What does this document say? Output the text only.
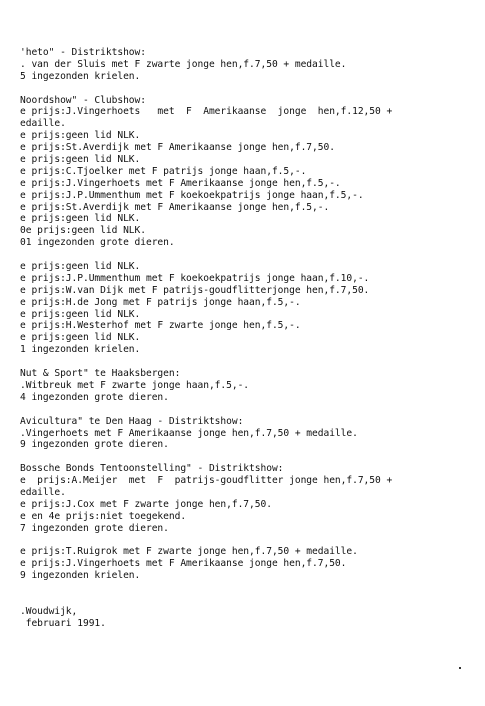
'heto" - Distriktshow:
. van der Sluis met F zwarte jonge hen,f.7,50 + medaille.
5 ingezonden krielen.
Noordshow" - Clubshow:
e prijs:J.Vingerhoets   met  F  Amerikaanse  jonge  hen,f.12,50 +
edaille.
e prijs:geen lid NLK.
e prijs:St.Averdijk met F Amerikaanse jonge hen,f.7,50.
e prijs:geen lid NLK.
e prijs:C.Tjoelker met F patrijs jonge haan,f.5,-.
e prijs:J.Vingerhoets met F Amerikaanse jonge hen,f.5,-.
e prijs:J.P.Ummenthum met F koekoekpatrijs jonge haan,f.5,-.
e prijs:St.Averdijk met F Amerikaanse jonge hen,f.5,-.
e prijs:geen lid NLK.
0e prijs:geen lid NLK.
01 ingezonden grote dieren.
e prijs:geen lid NLK.
e prijs:J.P.Ummenthum met F koekoekpatrijs jonge haan,f.10,-.
e prijs:W.van Dijk met F patrijs-goudflitterjonge hen,f.7,50.
e prijs:H.de Jong met F patrijs jonge haan,f.5,-.
e prijs:geen lid NLK.
e prijs:H.Westerhof met F zwarte jonge hen,f.5,-.
e prijs:geen lid NLK.
1 ingezonden krielen.
Nut & Sport" te Haaksbergen:
.Witbreuk met F zwarte jonge haan,f.5,-.
4 ingezonden grote dieren.
Avicultura" te Den Haag - Distriktshow:
.Vingerhoets met F Amerikaanse jonge hen,f.7,50 + medaille.
9 ingezonden grote dieren.
Bossche Bonds Tentoonstelling" - Distriktshow:
e  prijs:A.Meijer  met  F  patrijs-goudflitter jonge hen,f.7,50 +
edaille.
e prijs:J.Cox met F zwarte jonge hen,f.7,50.
e en 4e prijs:niet toegekend.
7 ingezonden grote dieren.
e prijs:T.Ruigrok met F zwarte jonge hen,f.7,50 + medaille.
e prijs:J.Vingerhoets met F Amerikaanse jonge hen,f.7,50.
9 ingezonden krielen.
.Woudwijk,
februari 1991.
